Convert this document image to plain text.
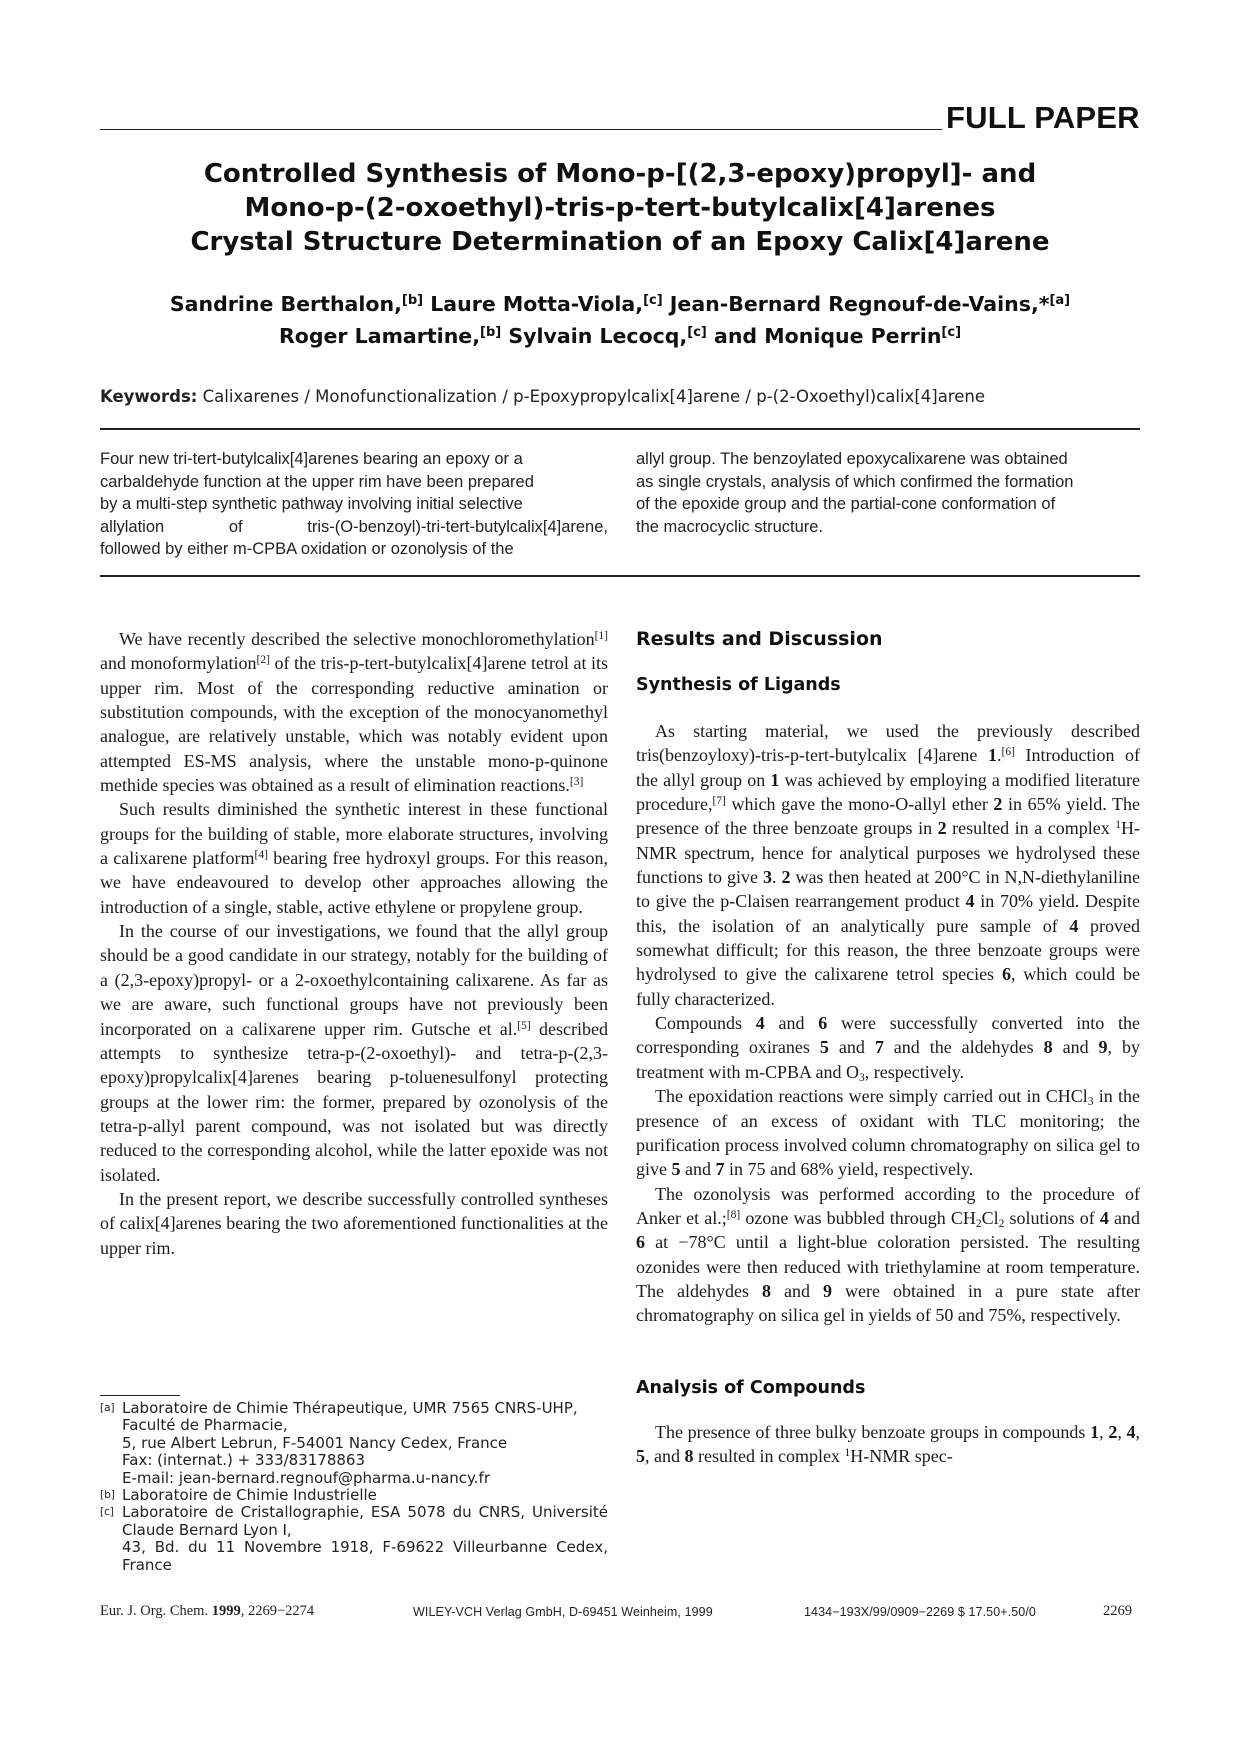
FULL PAPER
Controlled Synthesis of Mono-p-[(2,3-epoxy)propyl]- and
Mono-p-(2-oxoethyl)-tris-p-tert-butylcalix[4]arenes
Crystal Structure Determination of an Epoxy Calix[4]arene
Sandrine Berthalon,[b] Laure Motta-Viola,[c] Jean-Bernard Regnouf-de-Vains,*[a]
Roger Lamartine,[b] Sylvain Lecocq,[c] and Monique Perrin[c]
Keywords: Calixarenes / Monofunctionalization / p-Epoxypropylcalix[4]arene / p-(2-Oxoethyl)calix[4]arene
Four new tri-tert-butylcalix[4]arenes bearing an epoxy or a
carbaldehyde function at the upper rim have been prepared
by a multi-step synthetic pathway involving initial selective
allylation of tris-(O-benzoyl)-tri-tert-butylcalix[4]arene,
followed by either m-CPBA oxidation or ozonolysis of the
allyl group. The benzoylated epoxycalixarene was obtained
as single crystals, analysis of which confirmed the formation
of the epoxide group and the partial-cone conformation of
the macrocyclic structure.

We have recently described the selective monochloromethylation[1] and monoformylation[2] of the tris-p-tert-butylcalix[4]arene tetrol at its upper rim. Most of the corresponding reductive amination or substitution compounds, with the exception of the monocyanomethyl analogue, are relatively unstable, which was notably evident upon attempted ES-MS analysis, where the unstable mono-p-quinone methide species was obtained as a result of elimination reactions.[3]

Such results diminished the synthetic interest in these functional groups for the building of stable, more elaborate structures, involving a calixarene platform[4] bearing free hydroxyl groups. For this reason, we have endeavoured to develop other approaches allowing the introduction of a single, stable, active ethylene or propylene group.

In the course of our investigations, we found that the allyl group should be a good candidate in our strategy, notably for the building of a (2,3-epoxy)propyl- or a 2-oxoethylcontaining calixarene. As far as we are aware, such functional groups have not previously been incorporated on a calixarene upper rim. Gutsche et al.[5] described attempts to synthesize tetra-p-(2-oxoethyl)- and tetra-p-(2,3-epoxy)propylcalix[4]arenes bearing p-toluenesulfonyl protecting groups at the lower rim: the former, prepared by ozonolysis of the tetra-p-allyl parent compound, was not isolated but was directly reduced to the corresponding alcohol, while the latter epoxide was not isolated.

In the present report, we describe successfully controlled syntheses of calix[4]arenes bearing the two aforementioned functionalities at the upper rim.

[a] Laboratoire de Chimie Thérapeutique, UMR 7565 CNRS-UHP,
Faculté de Pharmacie,
5, rue Albert Lebrun, F-54001 Nancy Cedex, France
Fax: (internat.) + 333/83178863
E-mail: jean-bernard.regnouf@pharma.u-nancy.fr
[b] Laboratoire de Chimie Industrielle
[c] Laboratoire de Cristallographie, ESA 5078 du CNRS, Université Claude Bernard Lyon I,
43, Bd. du 11 Novembre 1918, F-69622 Villeurbanne Cedex, France
Results and Discussion
Synthesis of Ligands

As starting material, we used the previously described tris(benzoyloxy)-tris-p-tert-butylcalix [4]arene 1.[6] Introduction of the allyl group on 1 was achieved by employing a modified literature procedure,[7] which gave the mono-O-allyl ether 2 in 65% yield. The presence of the three benzoate groups in 2 resulted in a complex $^1$H-NMR spectrum, hence for analytical purposes we hydrolysed these functions to give 3. 2 was then heated at 200°C in N,N-diethylaniline to give the p-Claisen rearrangement product 4 in 70% yield. Despite this, the isolation of an analytically pure sample of 4 proved somewhat difficult; for this reason, the three benzoate groups were hydrolysed to give the calixarene tetrol species 6, which could be fully characterized.

Compounds 4 and 6 were successfully converted into the corresponding oxiranes 5 and 7 and the aldehydes 8 and 9, by treatment with m-CPBA and $O_3$, respectively.

The epoxidation reactions were simply carried out in CHCl$_3$ in the presence of an excess of oxidant with TLC monitoring; the purification process involved column chromatography on silica gel to give 5 and 7 in 75 and 68% yield, respectively.

The ozonolysis was performed according to the procedure of Anker et al.;[8] ozone was bubbled through $CH_2Cl_2$ solutions of 4 and 6 at −78°C until a light-blue coloration persisted. The resulting ozonides were then reduced with triethylamine at room temperature. The aldehydes 8 and 9 were obtained in a pure state after chromatography on silica gel in yields of 50 and 75%, respectively.

Analysis of Compounds

The presence of three bulky benzoate groups in compounds 1, 2, 4, 5, and 8 resulted in complex $^1$H-NMR spec-

Eur. J. Org. Chem. 1999, 2269−2274	WILEY-VCH Verlag GmbH, D-69451 Weinheim, 1999	1434−193X/99/0909−2269 $ 17.50+.50/0	2269
